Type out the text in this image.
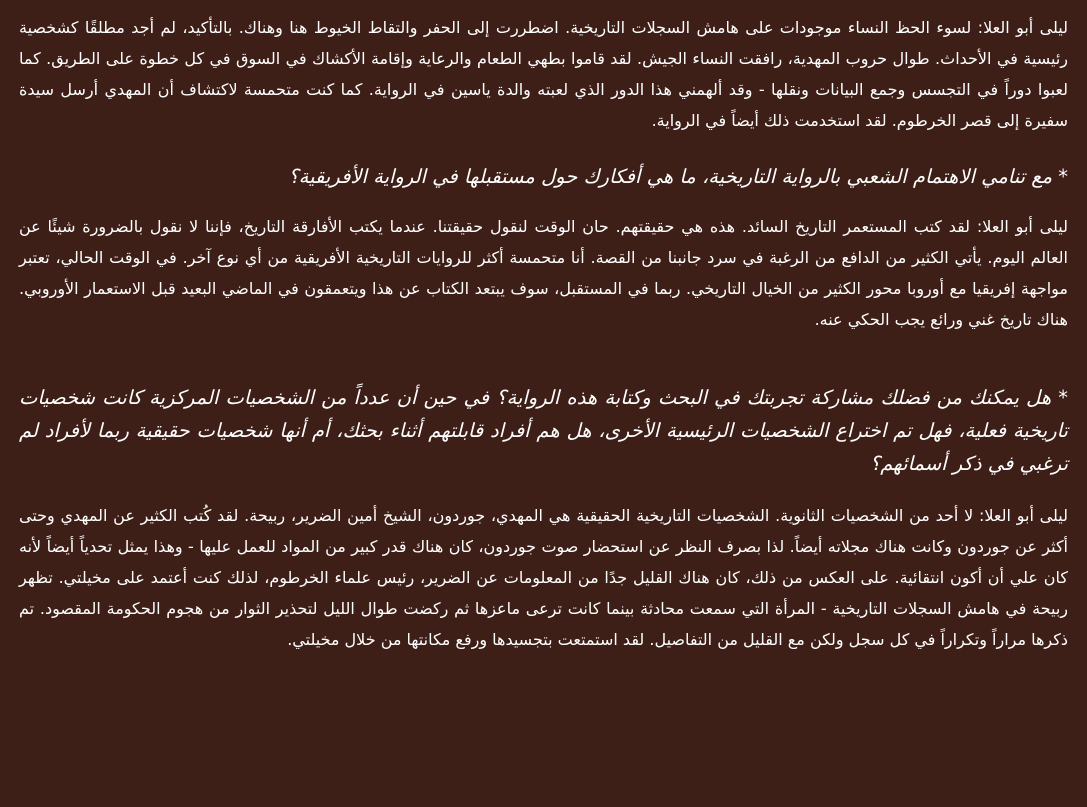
ليلى أبو العلا: لسوء الحظ النساء موجودات على هامش السجلات التاريخية. اضطررت إلى الحفر والتقاط الخيوط هنا وهناك. بالتأكيد، لم أجد مطلقًا كشخصية رئيسية في الأحداث. طوال حروب المهدية، رافقت النساء الجيش. لقد قاموا بطهي الطعام والرعاية وإقامة الأكشاك في السوق في كل خطوة على الطريق. كما لعبوا دوراً في التجسس وجمع البيانات ونقلها - وقد ألهمني هذا الدور الذي لعبته والدة ياسين في الرواية. كما كنت متحمسة لاكتشاف أن المهدي أرسل سيدة سفيرة إلى قصر الخرطوم. لقد استخدمت ذلك أيضاً في الرواية.

* مع تنامي الاهتمام الشعبي بالرواية التاريخية، ما هي أفكارك حول مستقبلها في الرواية الأفريقية؟

ليلى أبو العلا: لقد كتب المستعمر التاريخ السائد. هذه هي حقيقتهم. حان الوقت لنقول حقيقتنا. عندما يكتب الأفارقة التاريخ، فإننا لا نقول بالضرورة شيئًا عن العالم اليوم. يأتي الكثير من الدافع من الرغبة في سرد جانبنا من القصة. أنا متحمسة أكثر للروايات التاريخية الأفريقية من أي نوع آخر. في الوقت الحالي، تعتبر مواجهة إفريقيا مع أوروبا محور الكثير من الخيال التاريخي. ربما في المستقبل، سوف يبتعد الكتاب عن هذا ويتعمقون في الماضي البعيد قبل الاستعمار الأوروبي. هناك تاريخ غني ورائع يجب الحكي عنه.

* هل يمكنك من فضلك مشاركة تجربتك في البحث وكتابة هذه الرواية؟ في حين أن عدداً من الشخصيات المركزية كانت شخصيات تاريخية فعلية، فهل تم اختراع الشخصيات الرئيسية الأخرى، هل هم أفراد قابلتهم أثناء بحثك، أم أنها شخصيات حقيقية ربما لأفراد لم ترغبي في ذكر أسمائهم؟

ليلى أبو العلا: لا أحد من الشخصيات الثانوية. الشخصيات التاريخية الحقيقية هي المهدي، جوردون، الشيخ أمين الضرير، ربيحة. لقد كُتب الكثير عن المهدي وحتى أكثر عن جوردون وكانت هناك مجلاته أيضاً. لذا بصرف النظر عن استحضار صوت جوردون، كان هناك قدر كبير من المواد للعمل عليها - وهذا يمثل تحدياً أيضاً لأنه كان علي أن أكون انتقائية. على العكس من ذلك، كان هناك القليل جدًا من المعلومات عن الضرير، رئيس علماء الخرطوم، لذلك كنت أعتمد على مخيلتي. تظهر ربيحة في هامش السجلات التاريخية - المرأة التي سمعت محادثة بينما كانت ترعى ماعزها ثم ركضت طوال الليل لتحذير الثوار من هجوم الحكومة المقصود. تم ذكرها مراراً وتكراراً في كل سجل ولكن مع القليل من التفاصيل. لقد استمتعت بتجسيدها ورفع مكانتها من خلال مخيلتي.
